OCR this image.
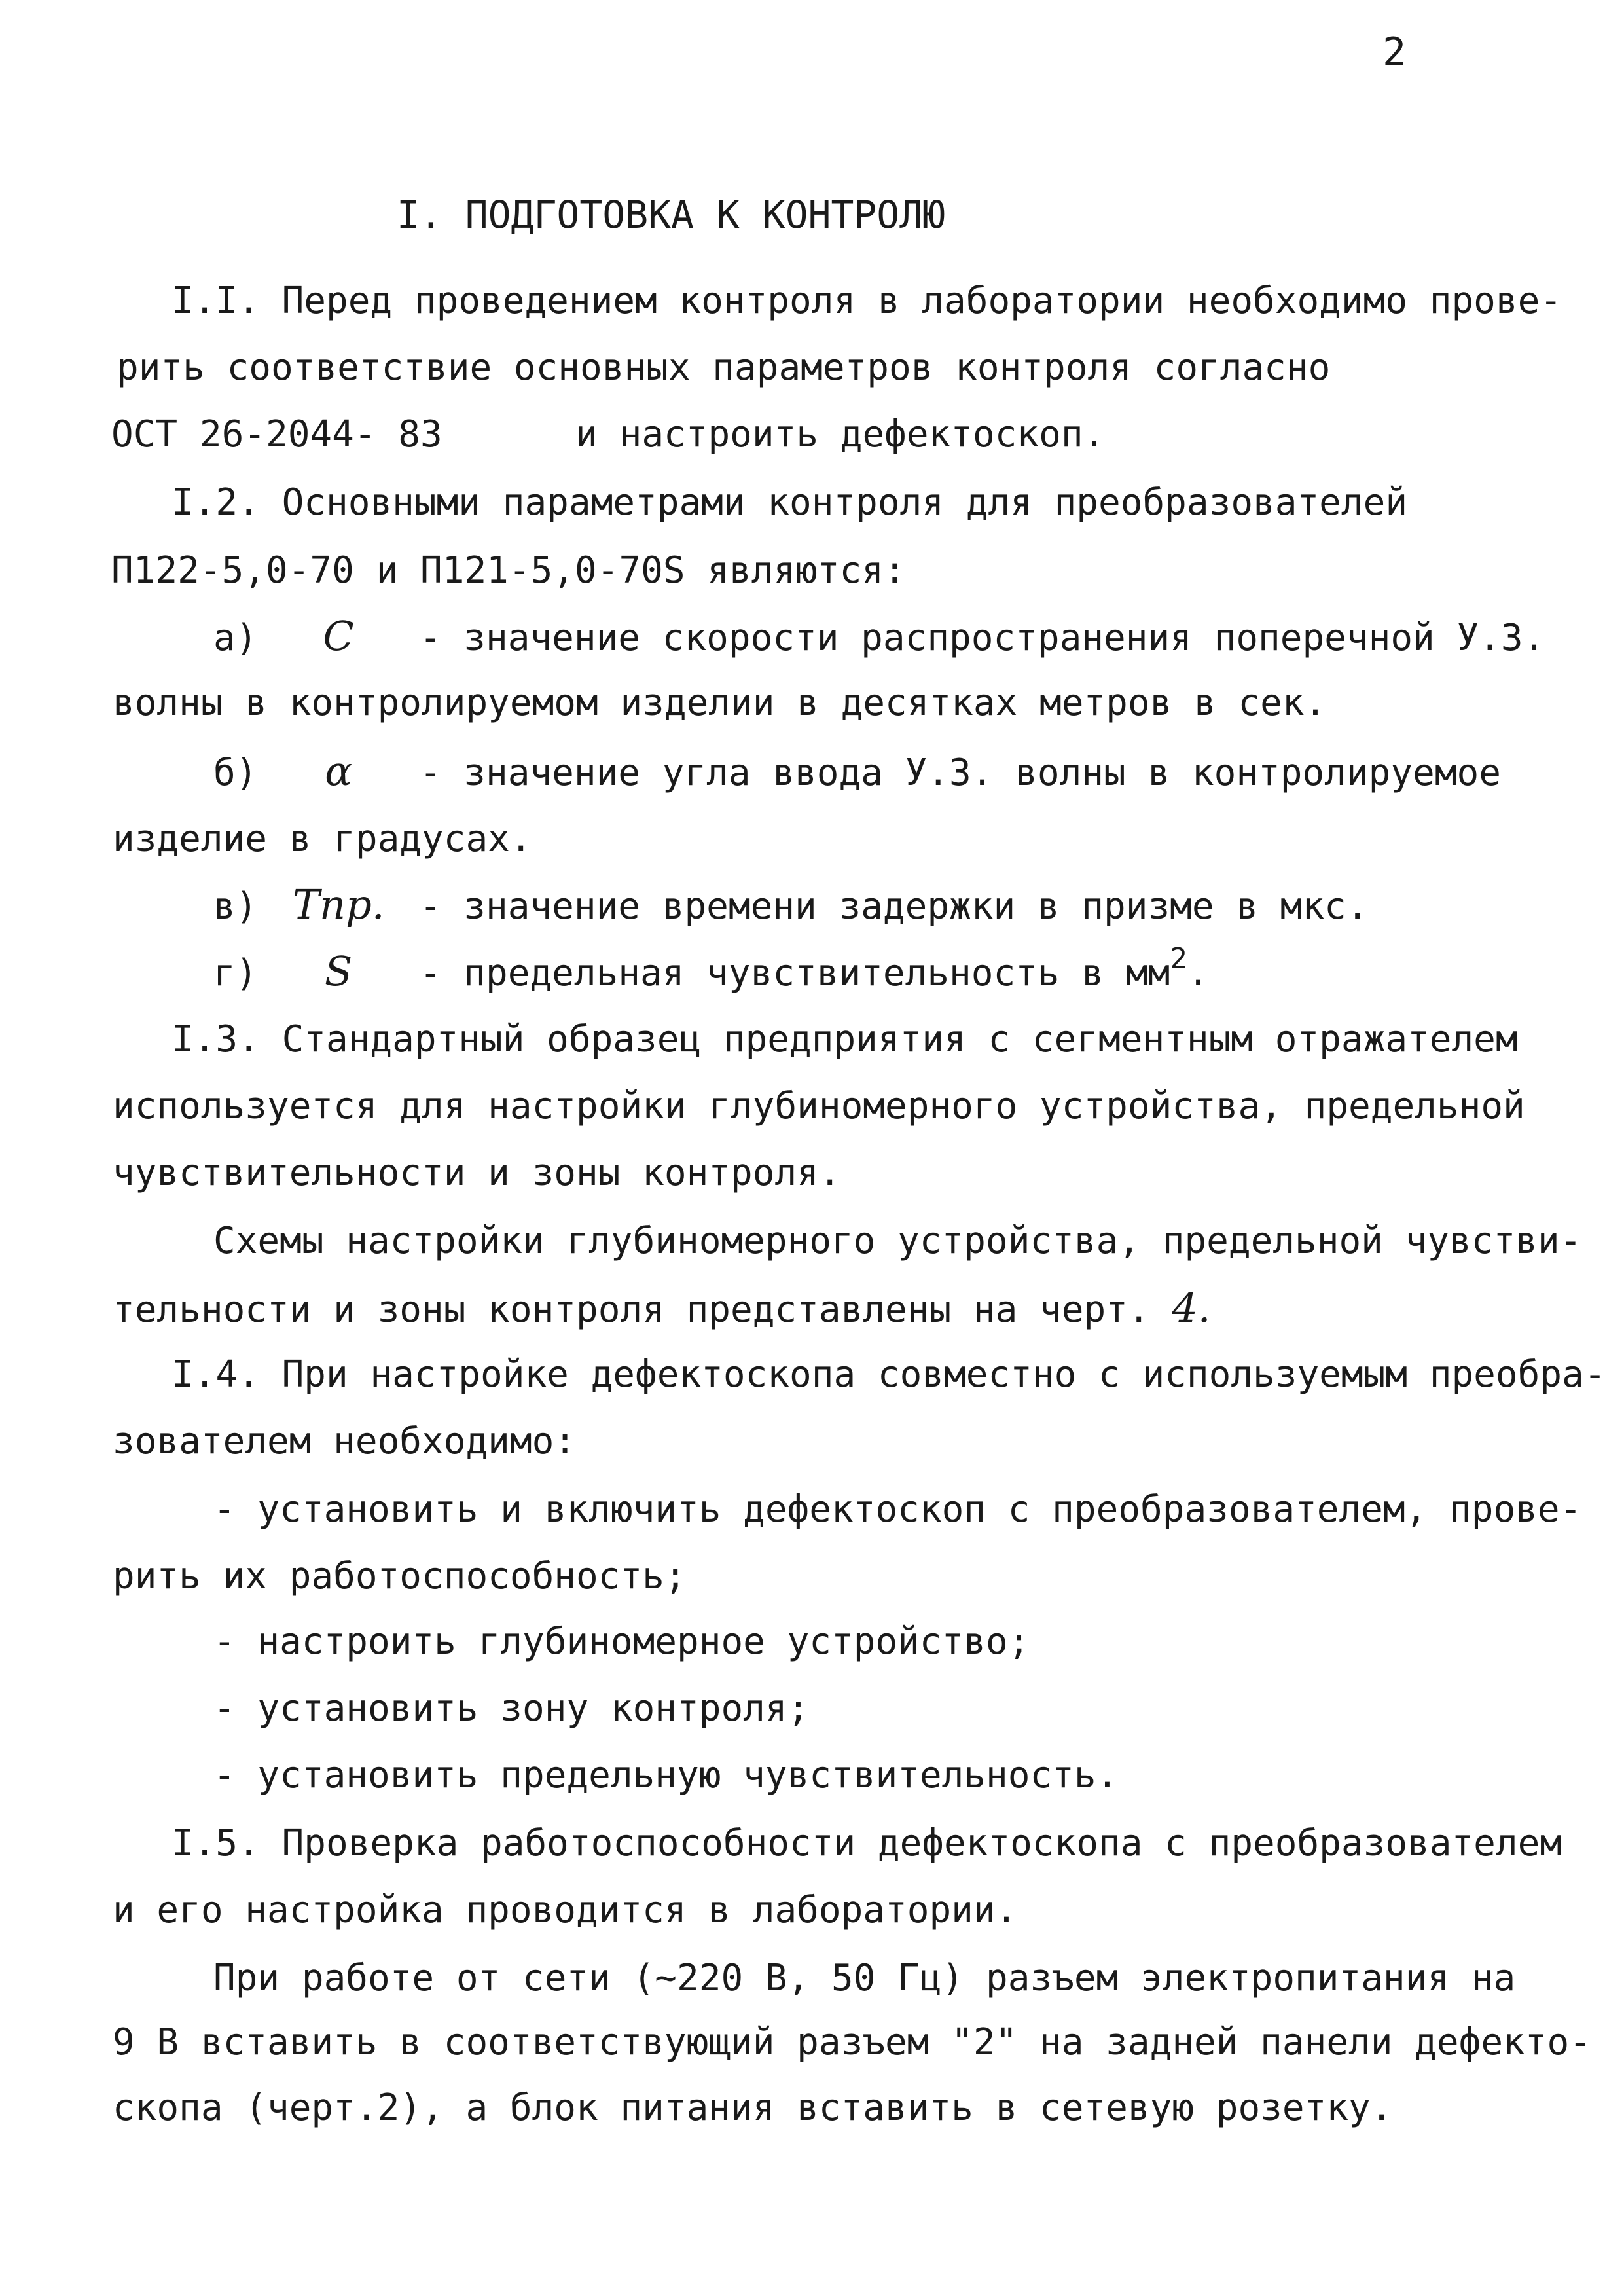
2
I. ПОДГОТОВКА К КОНТРОЛЮ
I.I. Перед проведением контроля в лаборатории необходимо прове-
рить соответствие основных параметров контроля согласно
ОСТ 26-2044- 83	и настроить дефектоскоп.
I.2. Основными параметрами контроля для преобразователей
П122-5,0-70 и П121-5,0-70S являются:
а) C - значение скорости распространения поперечной У.З.
волны в контролируемом изделии в десятках метров в сек.
б) α - значение угла ввода У.З. волны в контролируемое
изделие в градусах.
в) Tпр. - значение времени задержки в призме в мкс.
г) S - предельная чувствительность в $мм^2$.
I.3. Стандартный образец предприятия с сегментным отражателем
используется для настройки глубиномерного устройства, предельной
чувствительности и зоны контроля.
Схемы настройки глубиномерного устройства, предельной чувстви-
тельности и зоны контроля представлены на черт. 4.
I.4. При настройке дефектоскопа совместно с используемым преобра-
зователем необходимо:
- установить и включить дефектоскоп с преобразователем, прове-
рить их работоспособность;
- настроить глубиномерное устройство;
- установить зону контроля;
- установить предельную чувствительность.
I.5. Проверка работоспособности дефектоскопа с преобразователем
и его настройка проводится в лаборатории.
При работе от сети (~220 В, 50 Гц) разъем электропитания на
9 В вставить в соответствующий разъем "2" на задней панели дефекто-
скопа (черт.2), а блок питания вставить в сетевую розетку.
